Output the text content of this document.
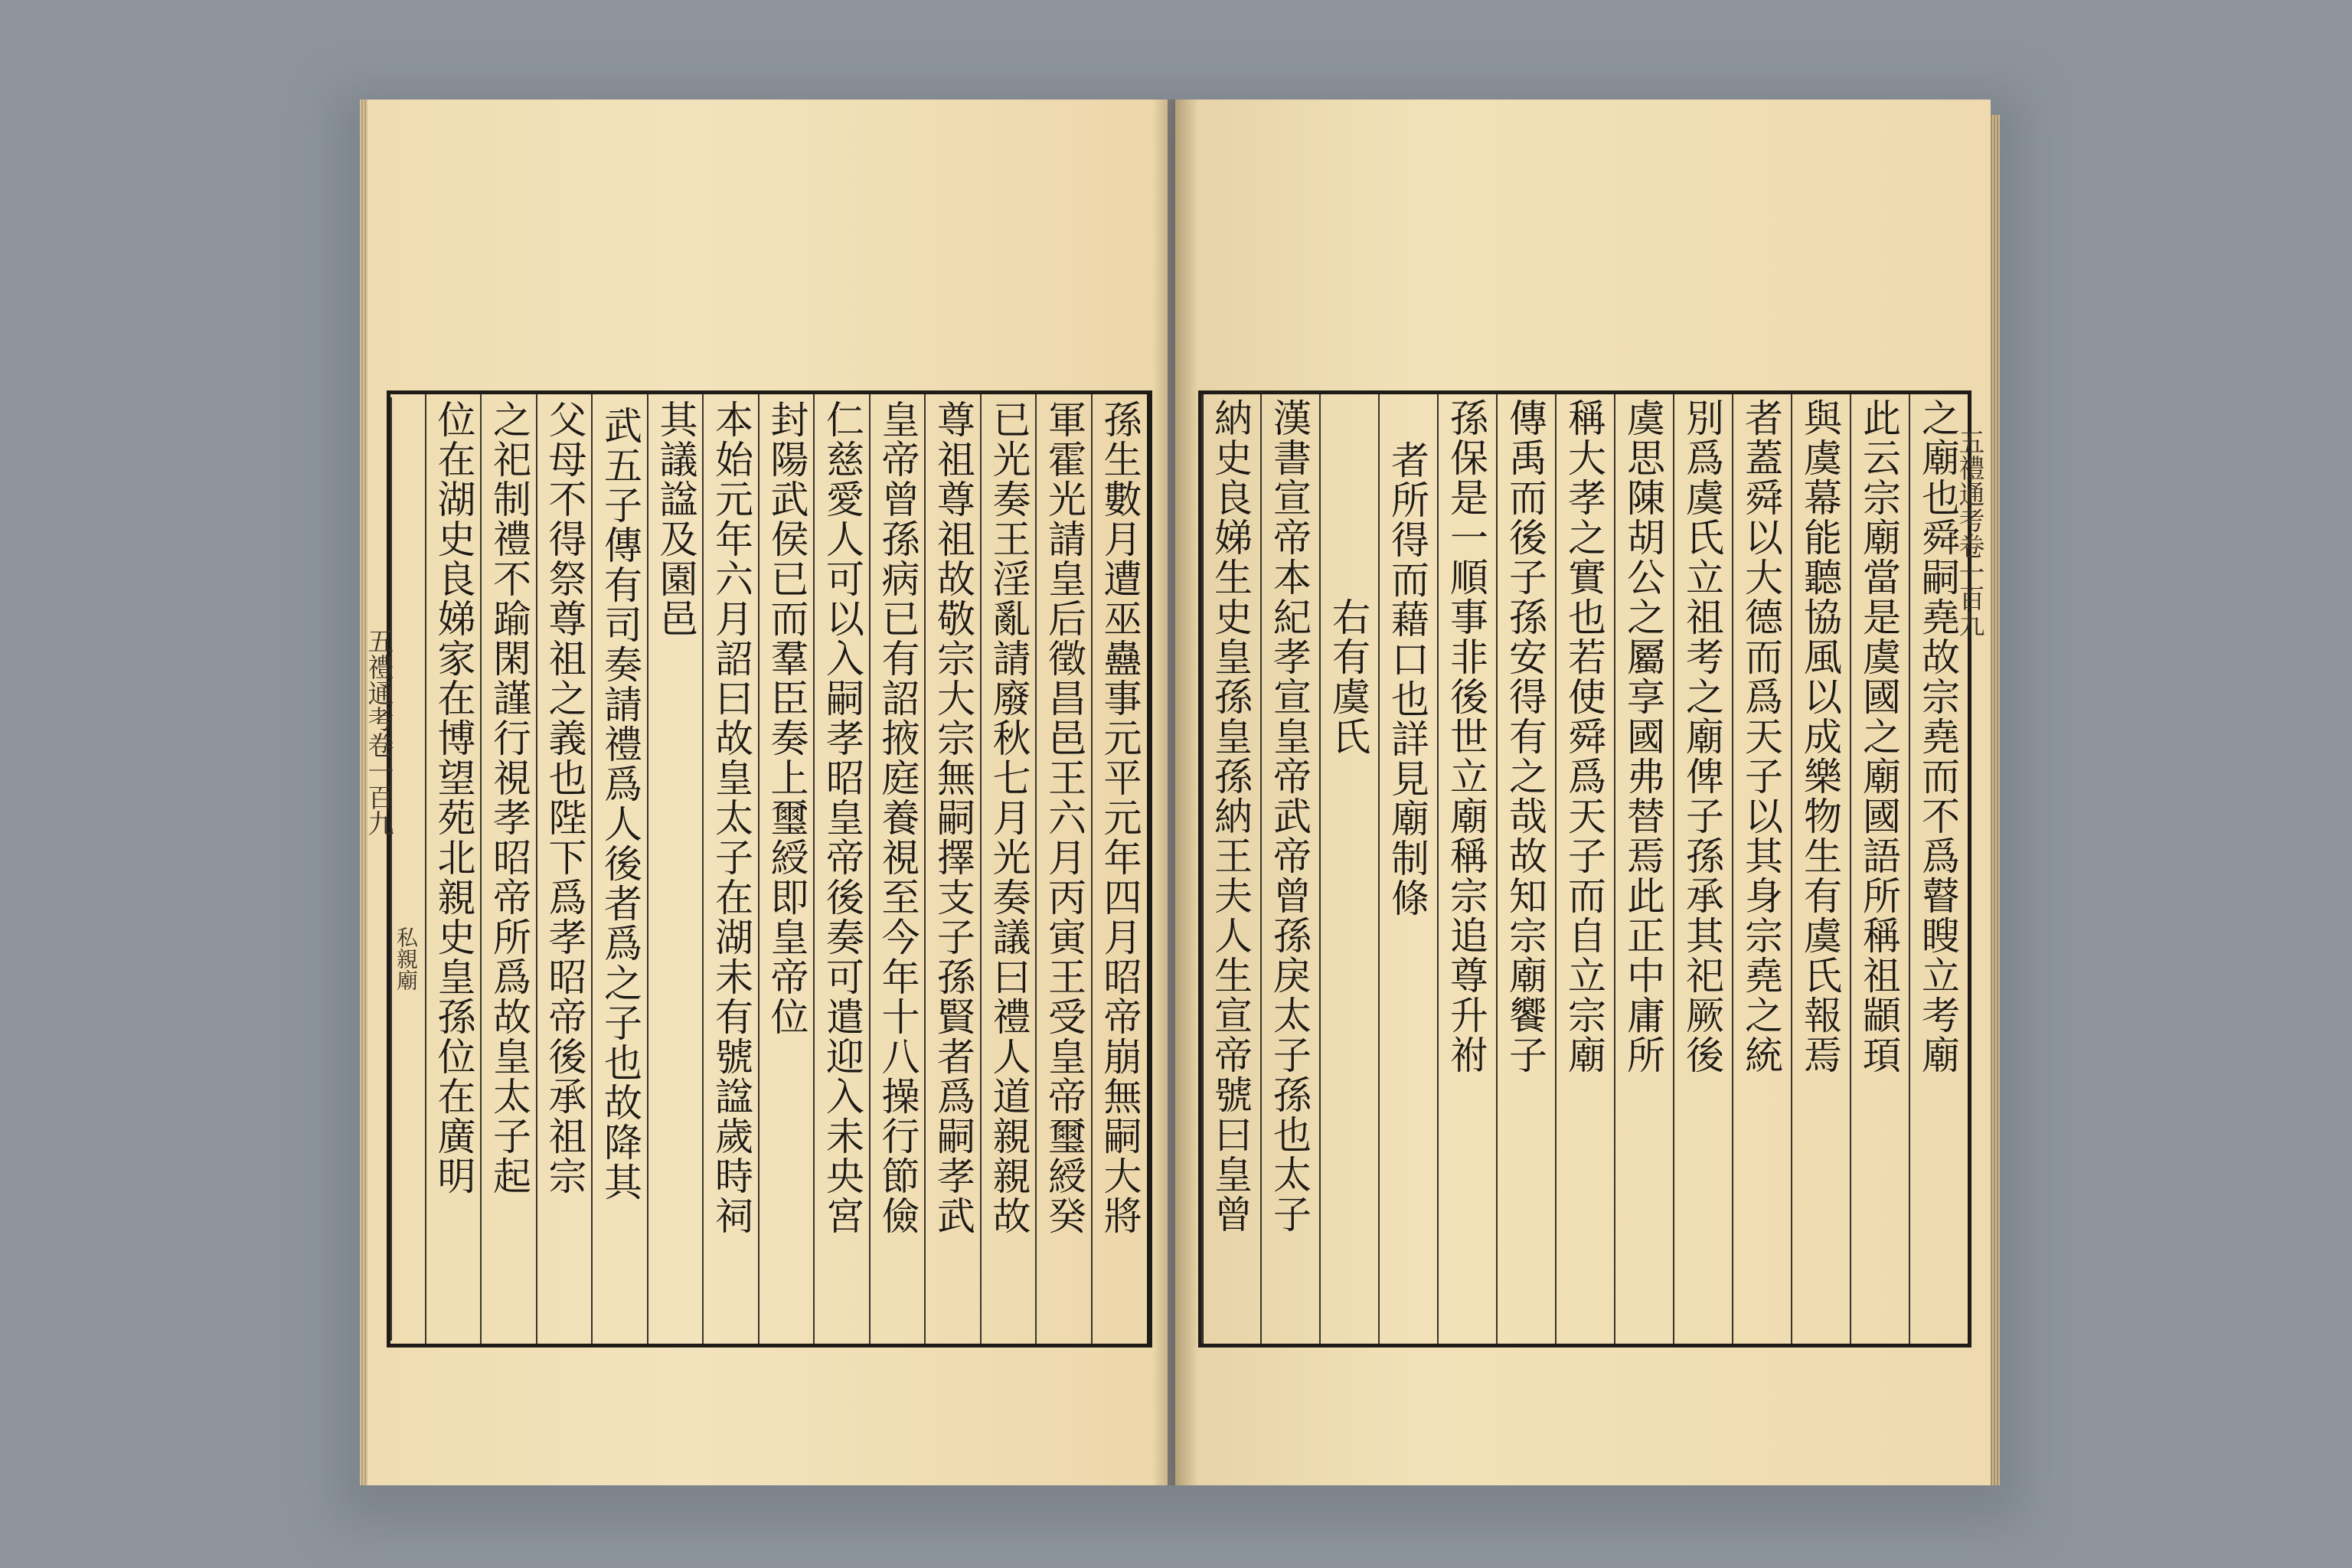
五禮通考卷一百九
私親廟	孫生數月遭巫蠱事元平元年四月昭帝崩無嗣大將
軍霍光請皇后徵昌邑王六月丙寅王受皇帝璽綬癸
已光奏王淫亂請廢秋七月光奏議曰禮人道親親故
尊祖尊祖故敬宗大宗無嗣擇支子孫賢者爲嗣孝武
皇帝曾孫病已有詔掖庭養視至今年十八操行節儉
仁慈愛人可以入嗣孝昭皇帝後奏可遣迎入未央宮
封陽武侯已而羣臣奏上璽綬即皇帝位
本始元年六月詔曰故皇太子在湖未有號諡歲時祠
其議諡及園邑
武五子傳有司奏請禮爲人後者爲之子也故降其
父母不得祭尊祖之義也陛下爲孝昭帝後承祖宗
之祀制禮不踰閑謹行視孝昭帝所爲故皇太子起
位在湖史良娣家在博望苑北親史皇孫位在廣明	五禮通考卷一百九
之廟也舜嗣堯故宗堯而不爲瞽瞍立考廟
此云宗廟當是虞國之廟國語所稱祖顓頊
與虞幕能聽協風以成樂物生有虞氏報焉
者蓋舜以大德而爲天子以其身宗堯之統
別爲虞氏立祖考之廟俾子孫承其祀厥後
虞思陳胡公之屬享國弗替焉此正中庸所
稱大孝之實也若使舜爲天子而自立宗廟
傳禹而後子孫安得有之哉故知宗廟饗子
孫保是一順事非後世立廟稱宗追尊升祔
者所得而藉口也詳見廟制條
右有虞氏
漢書宣帝本紀孝宣皇帝武帝曾孫戾太子孫也太子
納史良娣生史皇孫皇孫納王夫人生宣帝號曰皇曾
